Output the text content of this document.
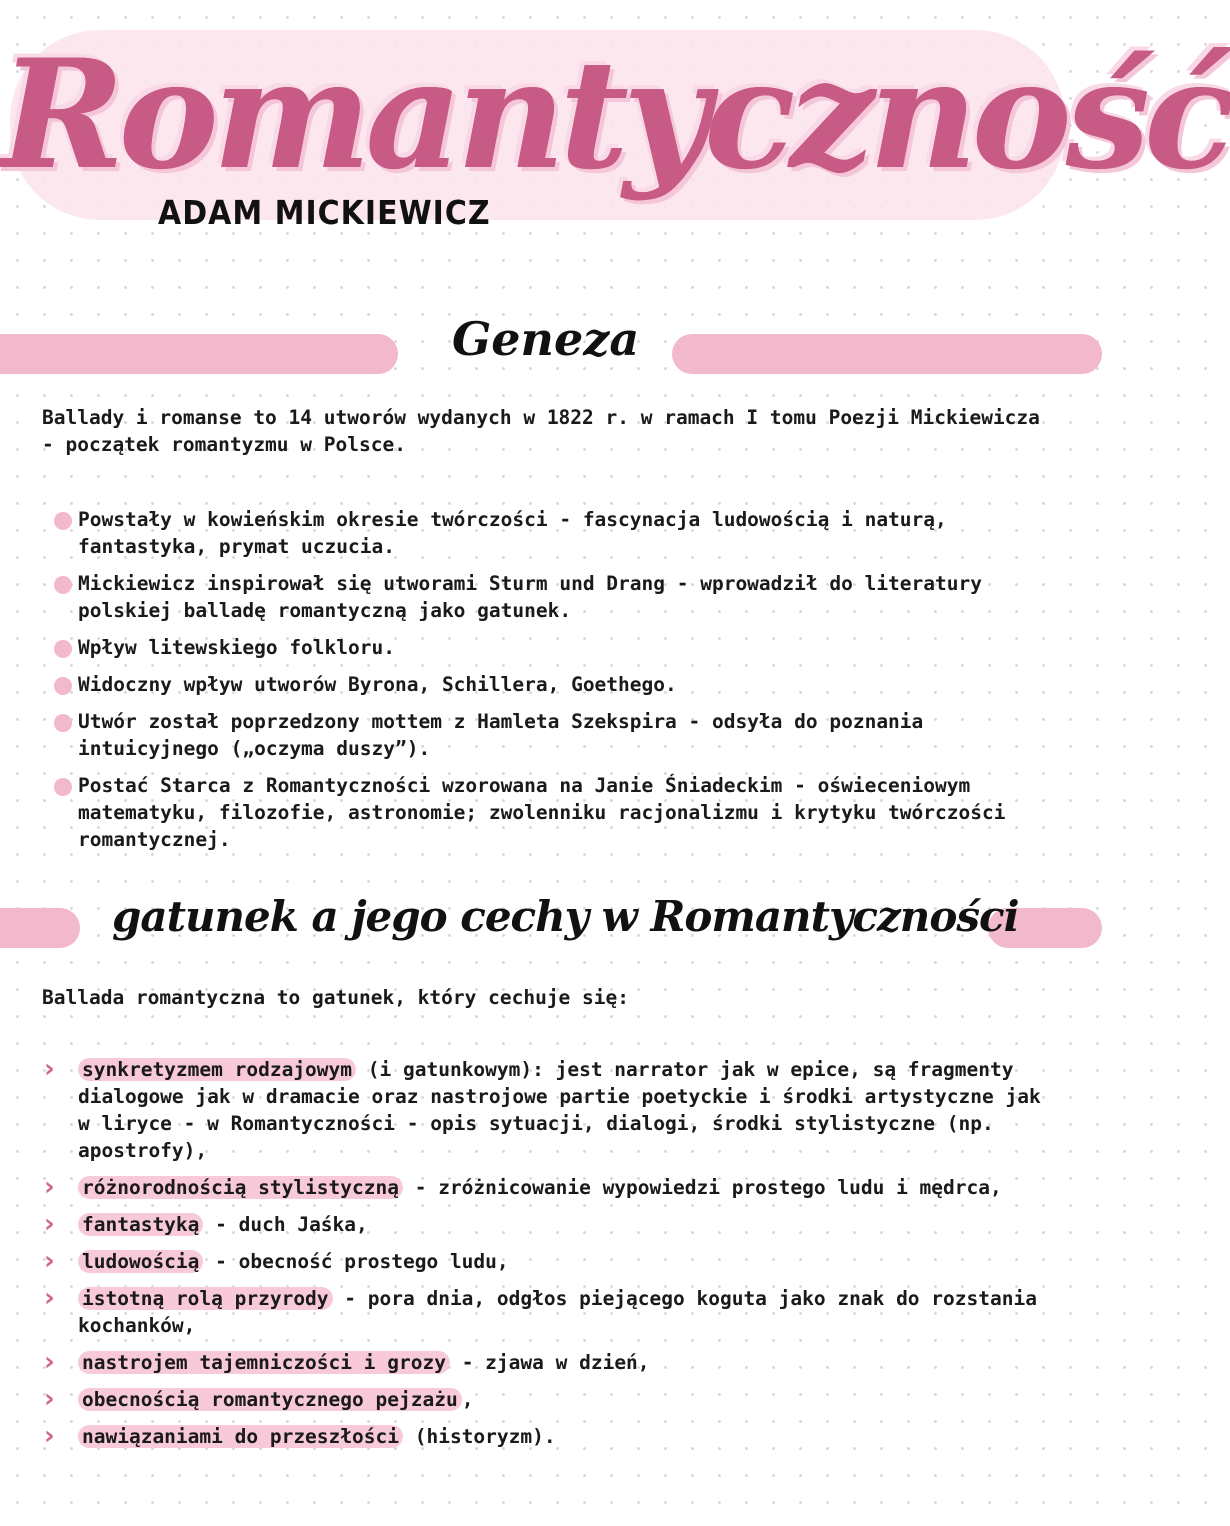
Romantyczność
ADAM MICKIEWICZ
Geneza
Ballady i romanse to 14 utworów wydanych w 1822 r. w ramach I tomu Poezji Mickiewicza - początek romantyzmu w Polsce.
Powstały w kowieńskim okresie twórczości - fascynacja ludowością i naturą, fantastyka, prymat uczucia.
Mickiewicz inspirował się utworami Sturm und Drang - wprowadził do literatury polskiej balladę romantyczną jako gatunek.
Wpływ litewskiego folkloru.
Widoczny wpływ utworów Byrona, Schillera, Goethego.
Utwór został poprzedzony mottem z Hamleta Szekspira - odsyła do poznania intuicyjnego („oczyma duszy”).
Postać Starca z Romantyczności wzorowana na Janie Śniadeckim - oświeceniowym matematyku, filozofie, astronomie; zwolenniku racjonalizmu i krytyku twórczości romantycznej.
gatunek a jego cechy w Romantyczności
Ballada romantyczna to gatunek, który cechuje się:
› synkretyzmem rodzajowym (i gatunkowym): jest narrator jak w epice, są fragmenty dialogowe jak w dramacie oraz nastrojowe partie poetyckie i środki artystyczne jak w liryce - w Romantyczności - opis sytuacji, dialogi, środki stylistyczne (np. apostrofy),
› różnorodnością stylistyczną - zróżnicowanie wypowiedzi prostego ludu i mędrca,
› fantastyką - duch Jaśka,
› ludowością - obecność prostego ludu,
› istotną rolą przyrody - pora dnia, odgłos piejącego koguta jako znak do rozstania kochanków,
› nastrojem tajemniczości i grozy - zjawa w dzień,
› obecnością romantycznego pejzażu ,
› nawiązaniami do przeszłości (historyzm).
